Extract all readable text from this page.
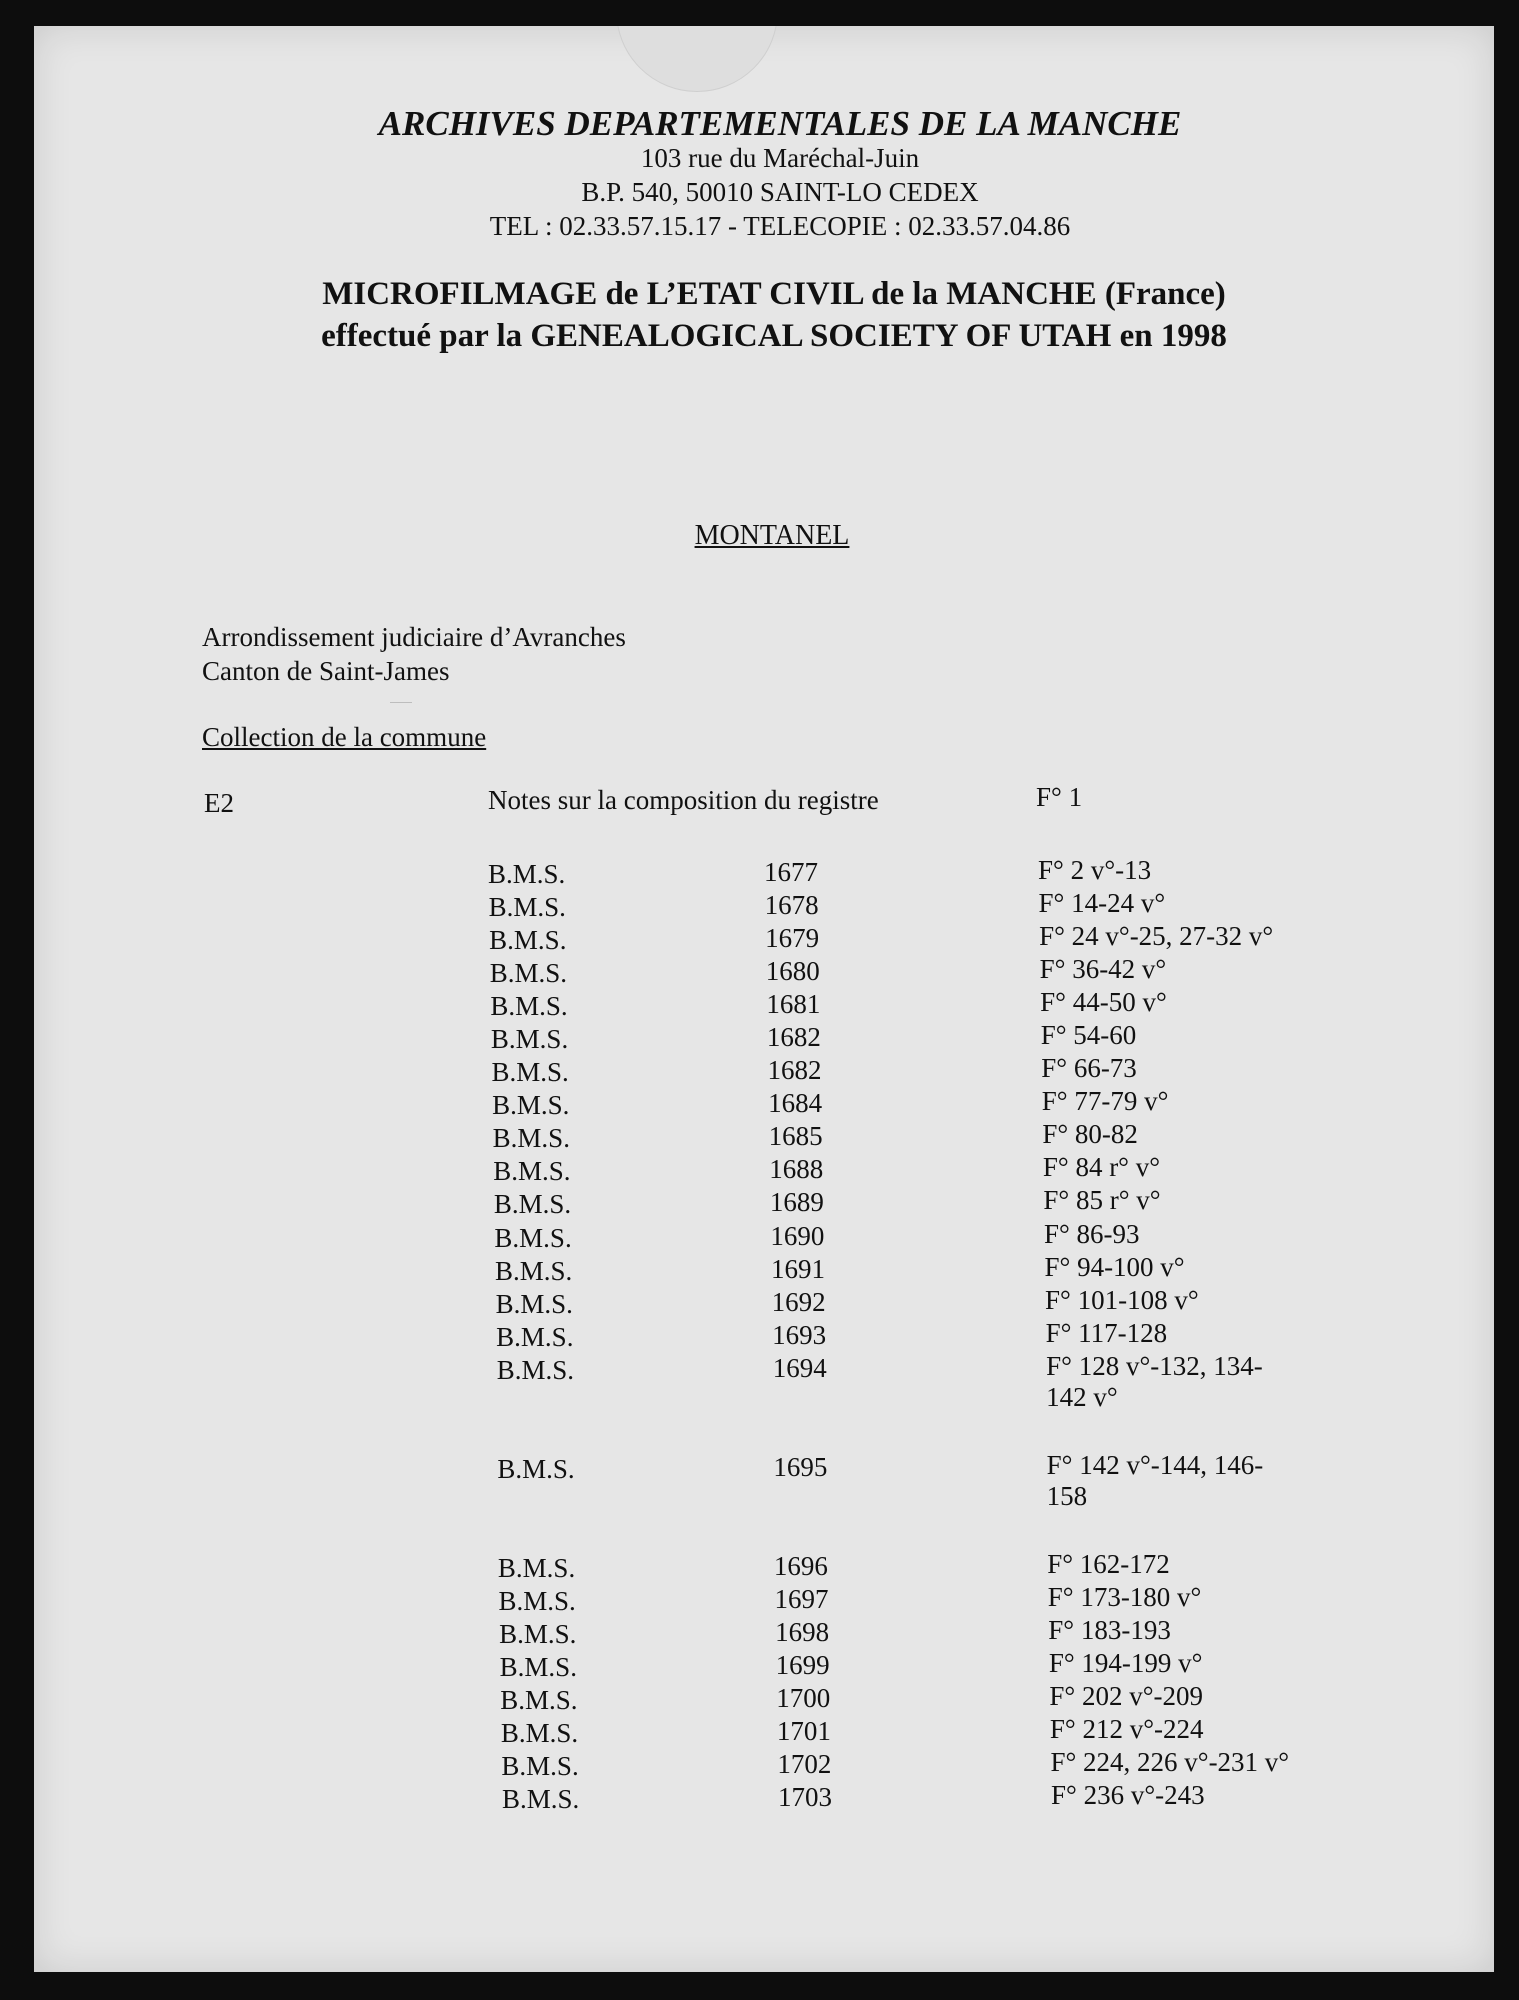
ARCHIVES DEPARTEMENTALES DE LA MANCHE
103 rue du Maréchal-Juin
B.P. 540, 50010 SAINT-LO CEDEX
TEL : 02.33.57.15.17 - TELECOPIE : 02.33.57.04.86
MICROFILMAGE de L’ETAT CIVIL de la MANCHE (France)
effectué par la GENEALOGICAL SOCIETY OF UTAH en 1998
MONTANEL
Arrondissement judiciaire d’Avranches
Canton de Saint-James
Collection de la commune
E2	Notes sur la composition du registre	F° 1
B.M.S.	1677	F° 2 v°-13
B.M.S.	1678	F° 14-24 v°
B.M.S.	1679	F° 24 v°-25, 27-32 v°
B.M.S.	1680	F° 36-42 v°
B.M.S.	1681	F° 44-50 v°
B.M.S.	1682	F° 54-60
B.M.S.	1682	F° 66-73
B.M.S.	1684	F° 77-79 v°
B.M.S.	1685	F° 80-82
B.M.S.	1688	F° 84 r° v°
B.M.S.	1689	F° 85 r° v°
B.M.S.	1690	F° 86-93
B.M.S.	1691	F° 94-100 v°
B.M.S.	1692	F° 101-108 v°
B.M.S.	1693	F° 117-128
B.M.S.	1694	F° 128 v°-132, 134-
142 v°
B.M.S.	1695	F° 142 v°-144, 146-
158
B.M.S.	1696	F° 162-172
B.M.S.	1697	F° 173-180 v°
B.M.S.	1698	F° 183-193
B.M.S.	1699	F° 194-199 v°
B.M.S.	1700	F° 202 v°-209
B.M.S.	1701	F° 212 v°-224
B.M.S.	1702	F° 224, 226 v°-231 v°
B.M.S.	1703	F° 236 v°-243
